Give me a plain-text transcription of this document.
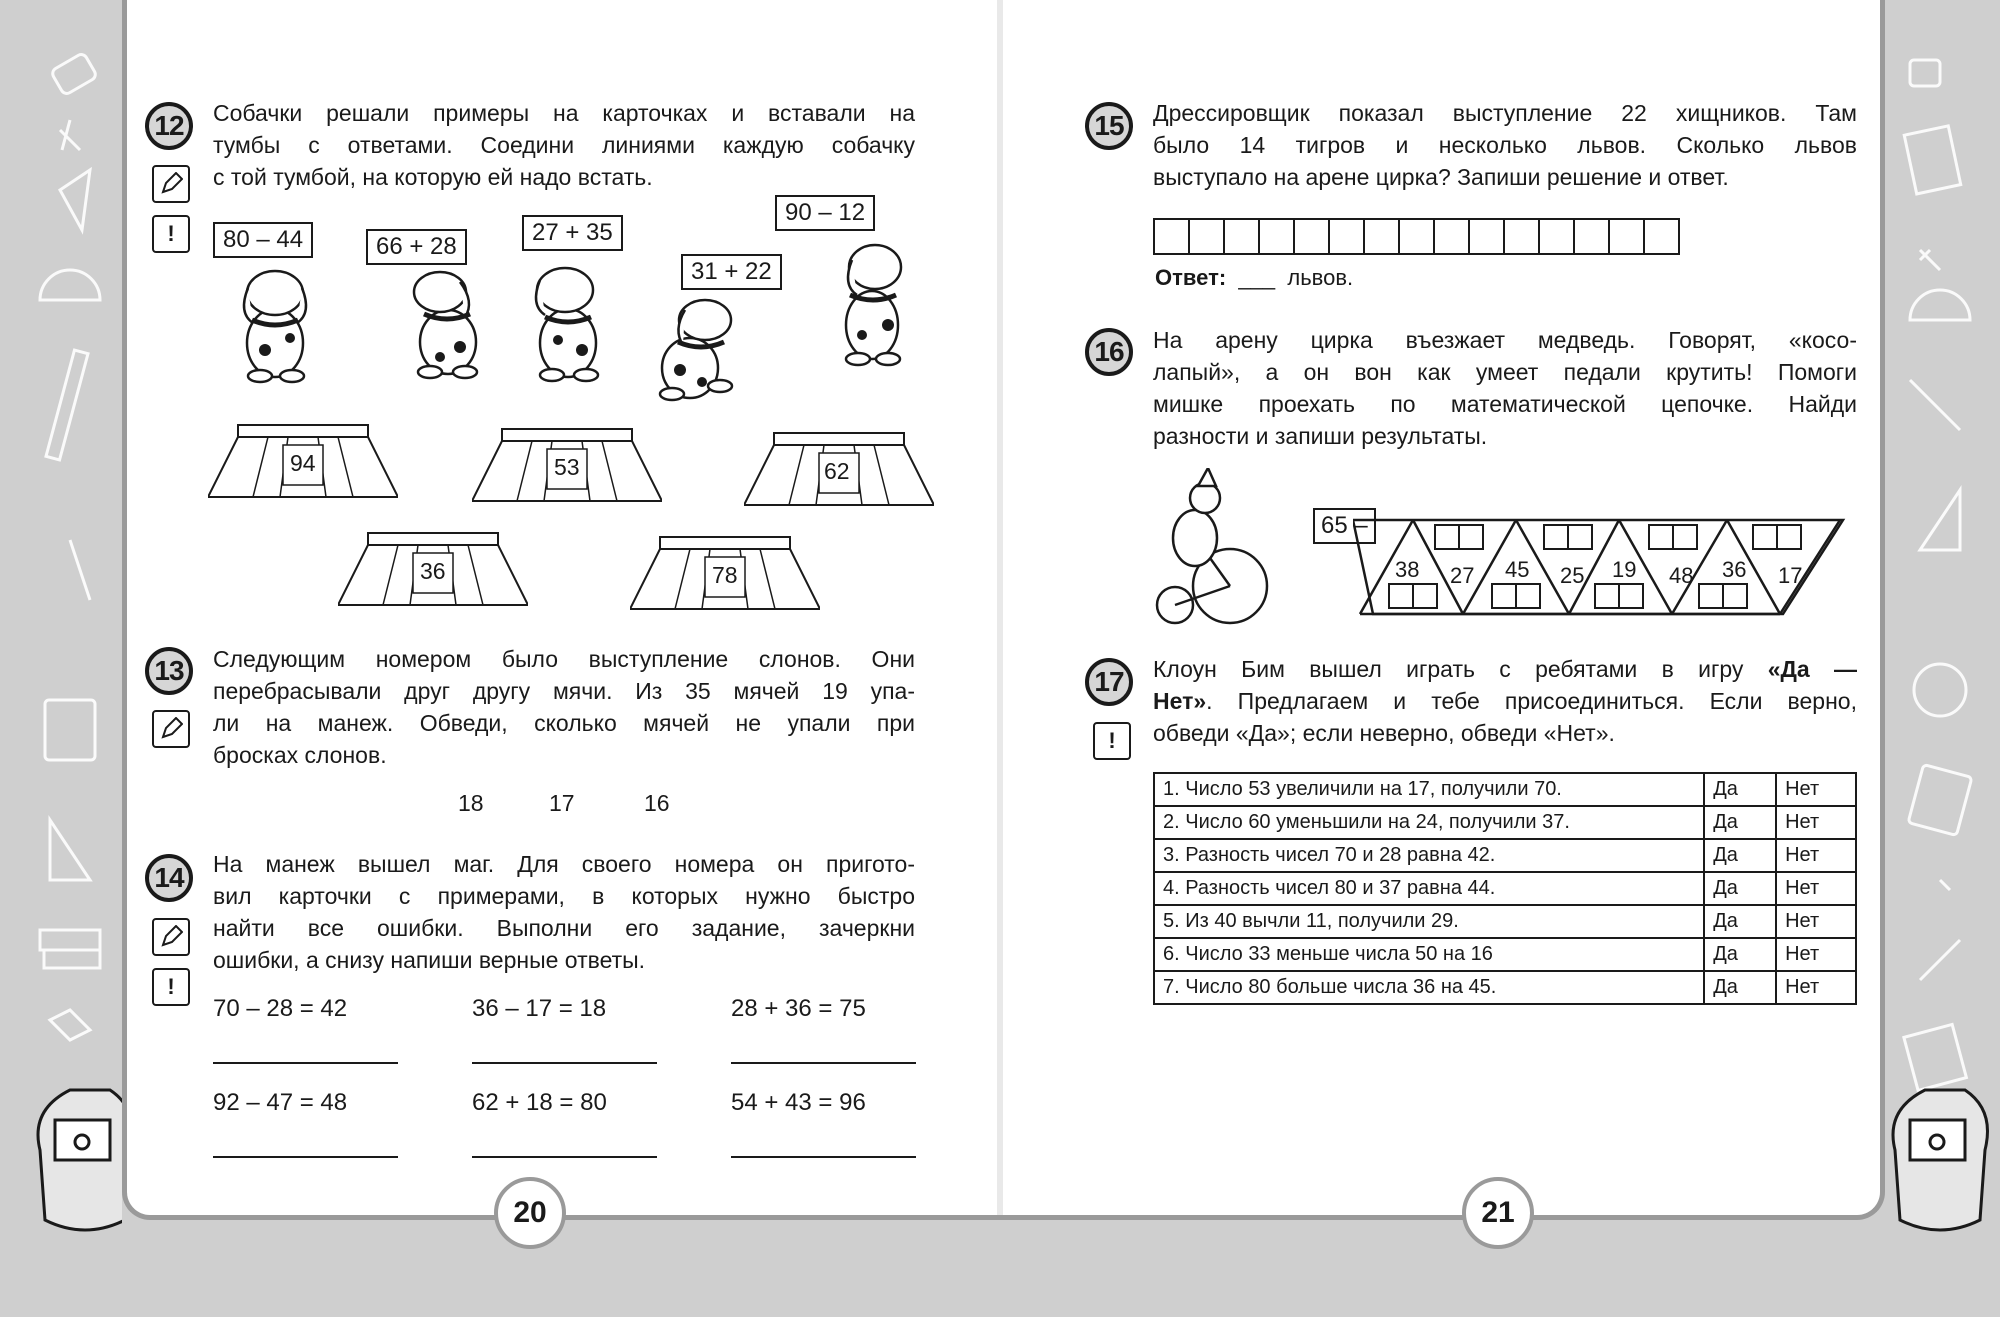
12
!
Собачки решали примеры на карточках и вставали на
тумбы с ответами. Соедини линиями каждую собачку
с той тумбой, на которую ей надо встать.
80 – 44	66 + 28
27 + 35
31 + 22
90 – 12
94	53	62
36	78
13 Следующим номером было выступление слонов. Они
перебрасывали друг другу мячи. Из 35 мячей 19 упа-
ли на манеж. Обведи, сколько мячей не упали при
бросках слонов.
18	17	16
14
!
На манеж вышел маг. Для своего номера он пригото-
вил карточки с примерами, в которых нужно быстро
найти все ошибки. Выполни его задание, зачеркни
ошибки, а снизу напиши верные ответы.
70 – 28 = 42	36 – 17 = 18	28 + 36 = 75
92 – 47 = 48	62 + 18 = 80	54 + 43 = 96
20
15 Дрессировщик показал выступление 22 хищников. Там
было 14 тигров и несколько львов. Сколько львов
выступало на арене цирка? Запиши решение и ответ.
Ответ: ___ львов.
16 На арену цирка въезжает медведь. Говорят, «косо-
лапый», а он вон как умеет педали крутить! Помоги
мишке проехать по математической цепочке. Найди
разности и запиши результаты.
65 –
38 27 45 25 19 48 36 17
17
!
Клоун Бим вышел играть с ребятами в игру «Да —
Нет». Предлагаем и тебе присоединиться. Если верно,
обведи «Да»; если неверно, обведи «Нет».
1. Число 53 увеличили на 17, получили 70.	Да	Нет
2. Число 60 уменьшили на 24, получили 37.	Да	Нет
3. Разность чисел 70 и 28 равна 42.	Да	Нет
4. Разность чисел 80 и 37 равна 44.	Да	Нет
5. Из 40 вычли 11, получили 29.	Да	Нет
6. Число 33 меньше числа 50 на 16	Да	Нет
7. Число 80 больше числа 36 на 45.	Да	Нет
21
